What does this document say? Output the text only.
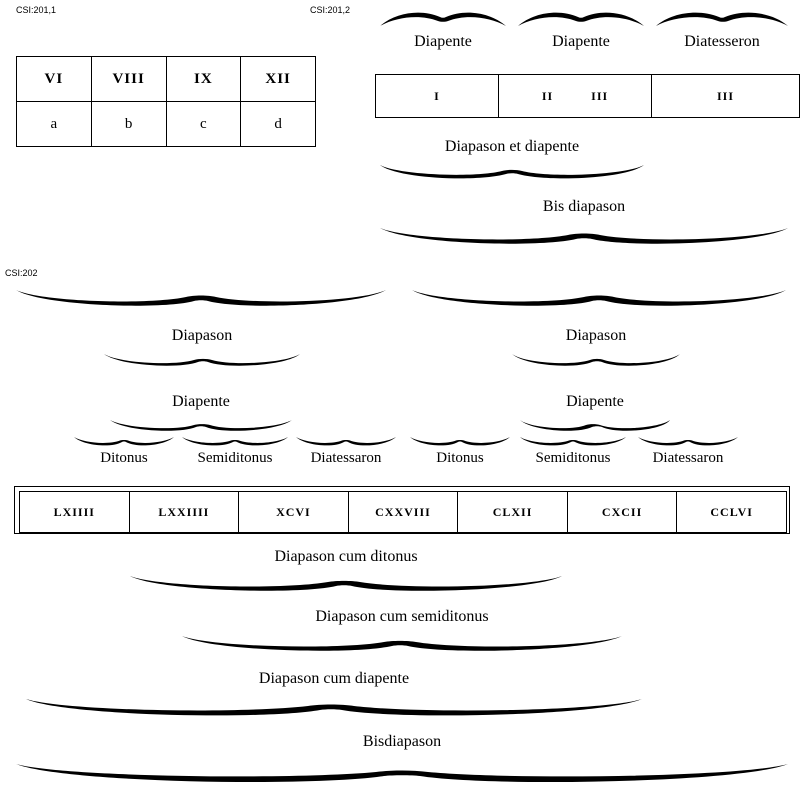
CSI:201,1
VI	VIII	IX	XII
a	b	c	d
CSI:201,2
Diapente	Diapente	Diatesseron
I	II	III	III
Diapason et diapente
Bis diapason
CSI:202
Diapason	Diapason
Diapente	Diapente
Ditonus	Semiditonus	Diatessaron	Ditonus	Semiditonus	Diatessaron
LXIIII	LXXIIII	XCVI	CXXVIII	CLXII	CXCII	CCLVI
Diapason cum ditonus
Diapason cum semiditonus
Diapason cum diapente
Bisdiapason
